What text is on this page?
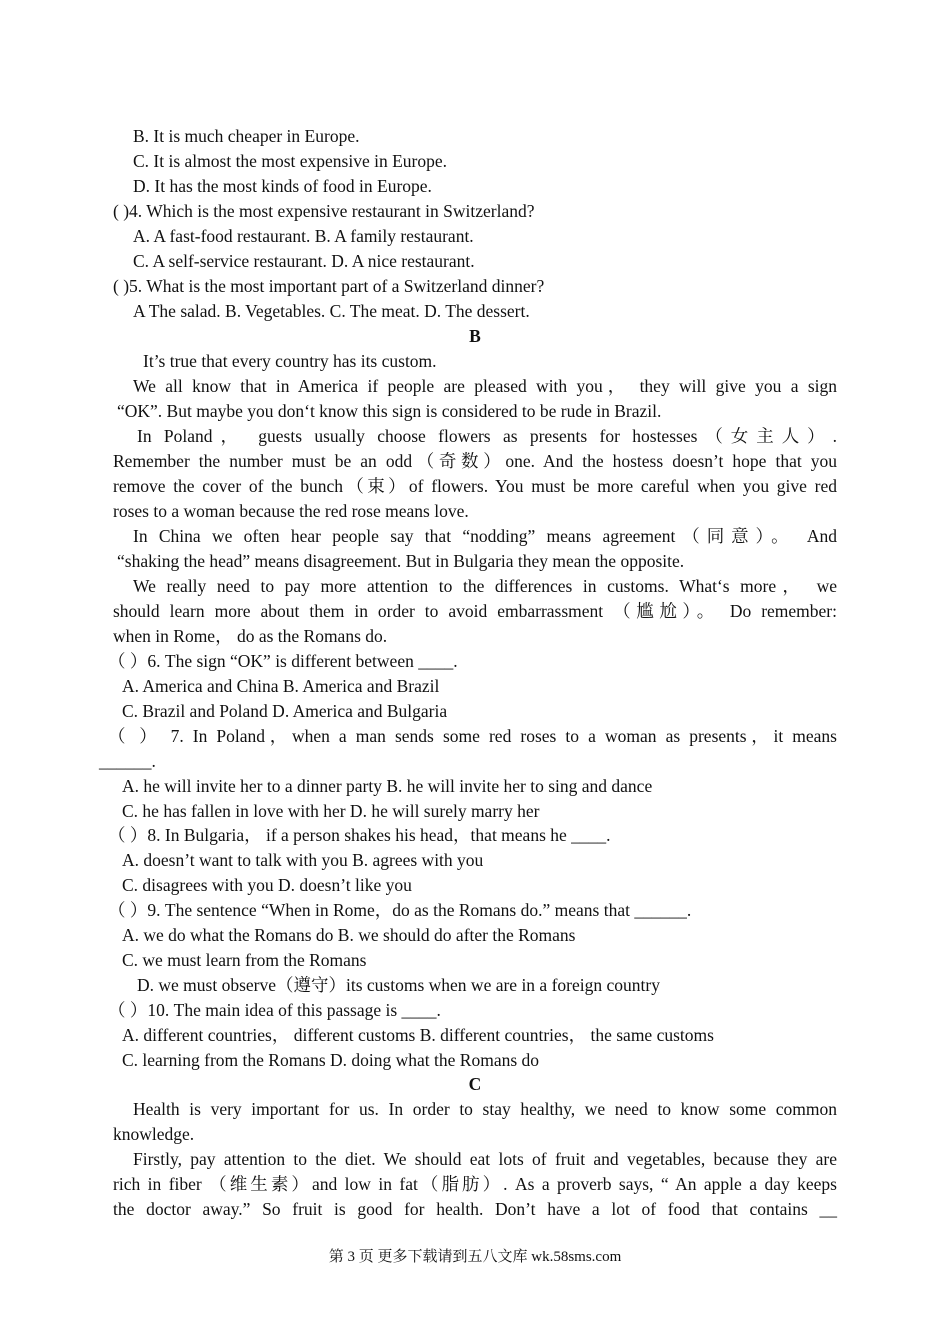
B. It is much cheaper in Europe.
C. It is almost the most expensive in Europe.
D. It has the most kinds of food in Europe.
( )4. Which is the most expensive restaurant in Switzerland?
A. A fast-food restaurant. B. A family restaurant.
C. A self-service restaurant. D. A nice restaurant.
( )5. What is the most important part of a Switzerland dinner?
A The salad. B. Vegetables. C. The meat. D. The dessert.
B
It’s true that every country has its custom.
We all know that in America if people are pleased with you， they will give you a sign
“OK”. But maybe you don‘t know this sign is considered to be rude in Brazil.
In Poland， guests usually choose flowers as presents for hostesses（女主人）.
Remember the number must be an odd（奇数）one. And the hostess doesn’t hope that you
remove the cover of the bunch（束）of flowers. You must be more careful when you give red
roses to a woman because the red rose means love.
In China we often hear people say that “nodding” means agreement（同意）。 And
“shaking the head” means disagreement. But in Bulgaria they mean the opposite.
We really need to pay more attention to the differences in customs. What‘s more， we
should learn more about them in order to avoid embarrassment （尴尬）。 Do remember:
when in Rome， do as the Romans do.
（ ）6. The sign “OK” is different between ____.
A. America and China B. America and Brazil
C. Brazil and Poland D. America and Bulgaria
（ ） 7. In Poland，when a man sends some red roses to a woman as presents，it means
______.
A. he will invite her to a dinner party B. he will invite her to sing and dance
C. he has fallen in love with her D. he will surely marry her
（ ）8. In Bulgaria， if a person shakes his head，that means he ____.
A. doesn’t want to talk with you B. agrees with you
C. disagrees with you D. doesn’t like you
（ ）9. The sentence “When in Rome，do as the Romans do.” means that ______.
A. we do what the Romans do B. we should do after the Romans
C. we must learn from the Romans
D. we must observe（遵守）its customs when we are in a foreign country
（ ）10. The main idea of this passage is ____.
A. different countries， different customs B. different countries， the same customs
C. learning from the Romans D. doing what the Romans do
C
Health is very important for us. In order to stay healthy, we need to know some common
knowledge.
Firstly, pay attention to the diet. We should eat lots of fruit and vegetables, because they are
rich in fiber （维生素）and low in fat（脂肪）. As a proverb says, “ An apple a day keeps
the doctor away.” So fruit is good for health. Don’t have a lot of food that contains __
第 3 页 更多下载请到五八文库 wk.58sms.com
